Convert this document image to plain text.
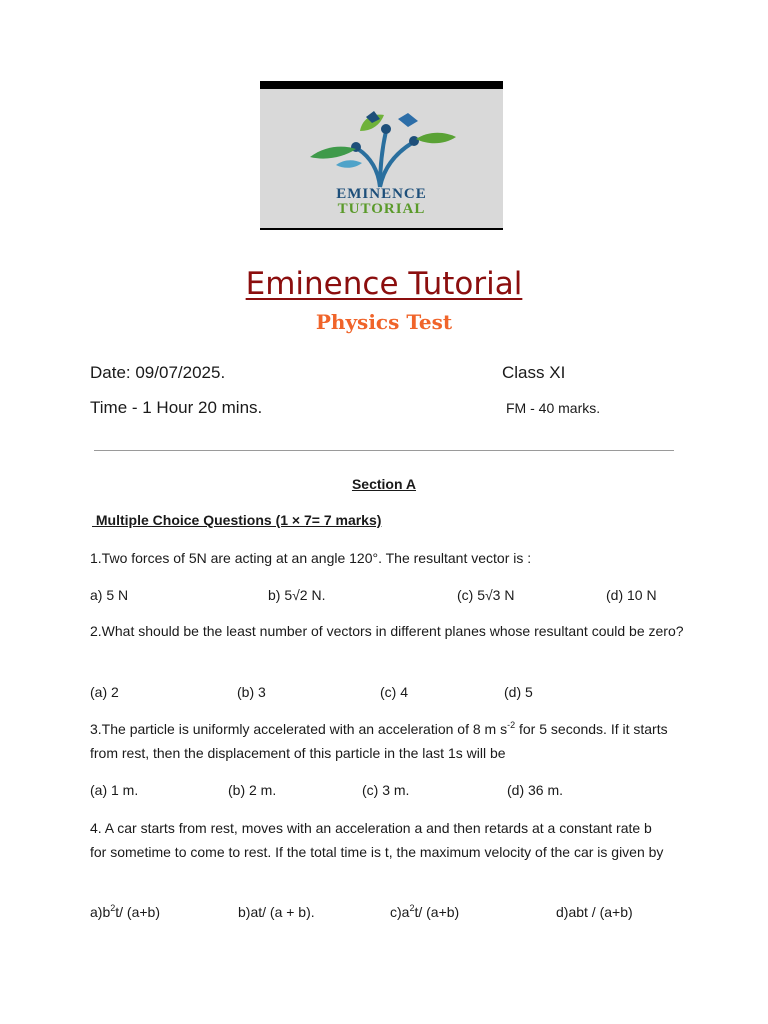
EMINENCE
TUTORIAL
Eminence Tutorial
Physics Test
Date: 09/07/2025.	Class XI
Time - 1 Hour 20 mins.	FM - 40 marks.
Section A
Multiple Choice Questions (1 × 7= 7 marks)
1.Two forces of 5N are acting at an angle 120°. The resultant vector is :
a) 5 N	b) 5√2 N.	(c) 5√3 N	(d) 10 N
2.What should be the least number of vectors in different planes whose resultant could be zero?
(a) 2	(b) 3	(c) 4	(d) 5
3.The particle is uniformly accelerated with an acceleration of 8 m $s^{-2}$ for 5 seconds. If it starts from rest, then the displacement of this particle in the last 1s will be
(a) 1 m.	(b) 2 m.	(c) 3 m.	(d) 36 m.
4. A car starts from rest, moves with an acceleration a and then retards at a constant rate b for sometime to come to rest. If the total time is t, the maximum velocity of the car is given by
$a)b^2t/$ (a+b)	b)at/ (a + b).	$c)a^2t/$ (a+b)	d)abt / (a+b)
